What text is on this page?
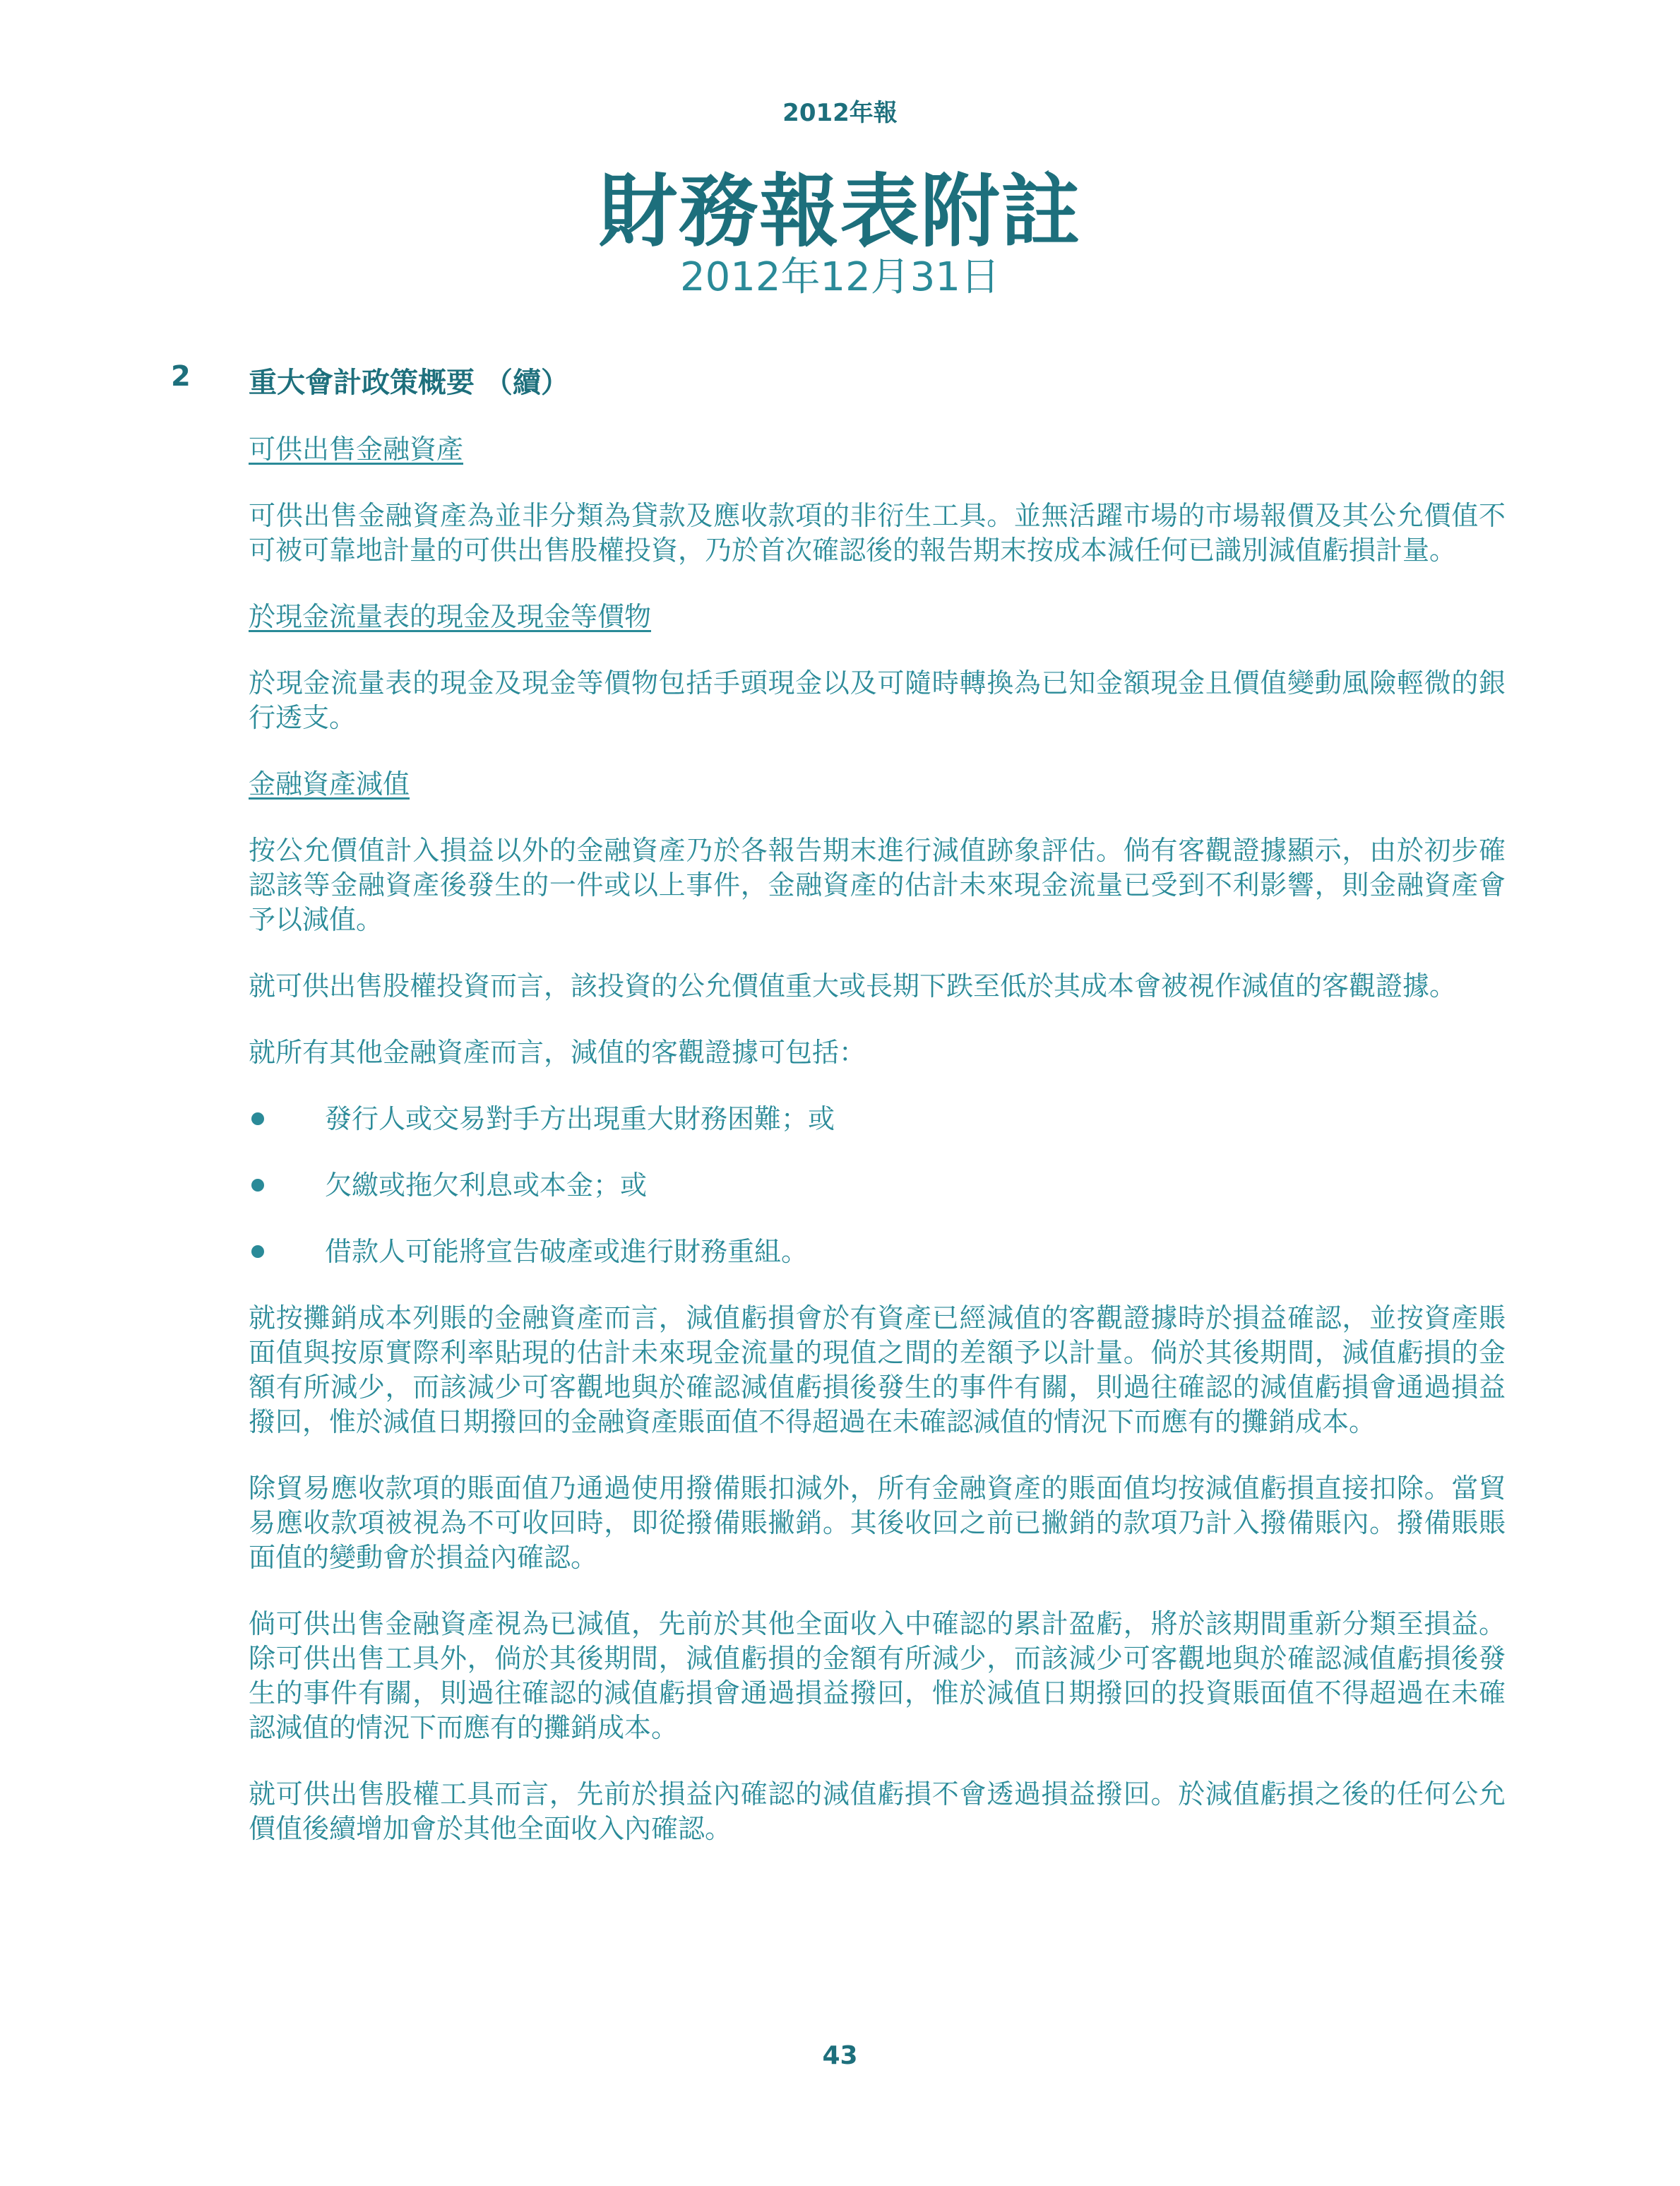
2012年報
財務報表附註
2012年12月31日
2 重大會計政策概要 （續）
可供出售金融資產
可供出售金融資產為並非分類為貸款及應收款項的非衍生工具。並無活躍市場的市場報價及其公允價值不可被可靠地計量的可供出售股權投資，乃於首次確認後的報告期末按成本減任何已識別減值虧損計量。
於現金流量表的現金及現金等價物
於現金流量表的現金及現金等價物包括手頭現金以及可隨時轉換為已知金額現金且價值變動風險輕微的銀行透支。
金融資產減值
按公允價值計入損益以外的金融資產乃於各報告期末進行減值跡象評估。倘有客觀證據顯示，由於初步確認該等金融資產後發生的一件或以上事件，金融資產的估計未來現金流量已受到不利影響，則金融資產會予以減值。
就可供出售股權投資而言，該投資的公允價值重大或長期下跌至低於其成本會被視作減值的客觀證據。
就所有其他金融資產而言，減值的客觀證據可包括：
發行人或交易對手方出現重大財務困難；或
欠繳或拖欠利息或本金；或
借款人可能將宣告破產或進行財務重組。
就按攤銷成本列賬的金融資產而言，減值虧損會於有資產已經減值的客觀證據時於損益確認，並按資產賬面值與按原實際利率貼現的估計未來現金流量的現值之間的差額予以計量。倘於其後期間，減值虧損的金額有所減少，而該減少可客觀地與於確認減值虧損後發生的事件有關，則過往確認的減值虧損會通過損益撥回，惟於減值日期撥回的金融資產賬面值不得超過在未確認減值的情況下而應有的攤銷成本。
除貿易應收款項的賬面值乃通過使用撥備賬扣減外，所有金融資產的賬面值均按減值虧損直接扣除。當貿易應收款項被視為不可收回時，即從撥備賬撇銷。其後收回之前已撇銷的款項乃計入撥備賬內。撥備賬賬面值的變動會於損益內確認。
倘可供出售金融資產視為已減值，先前於其他全面收入中確認的累計盈虧，將於該期間重新分類至損益。除可供出售工具外，倘於其後期間，減值虧損的金額有所減少，而該減少可客觀地與於確認減值虧損後發生的事件有關，則過往確認的減值虧損會通過損益撥回，惟於減值日期撥回的投資賬面值不得超過在未確認減值的情況下而應有的攤銷成本。
就可供出售股權工具而言，先前於損益內確認的減值虧損不會透過損益撥回。於減值虧損之後的任何公允價值後續增加會於其他全面收入內確認。
43
